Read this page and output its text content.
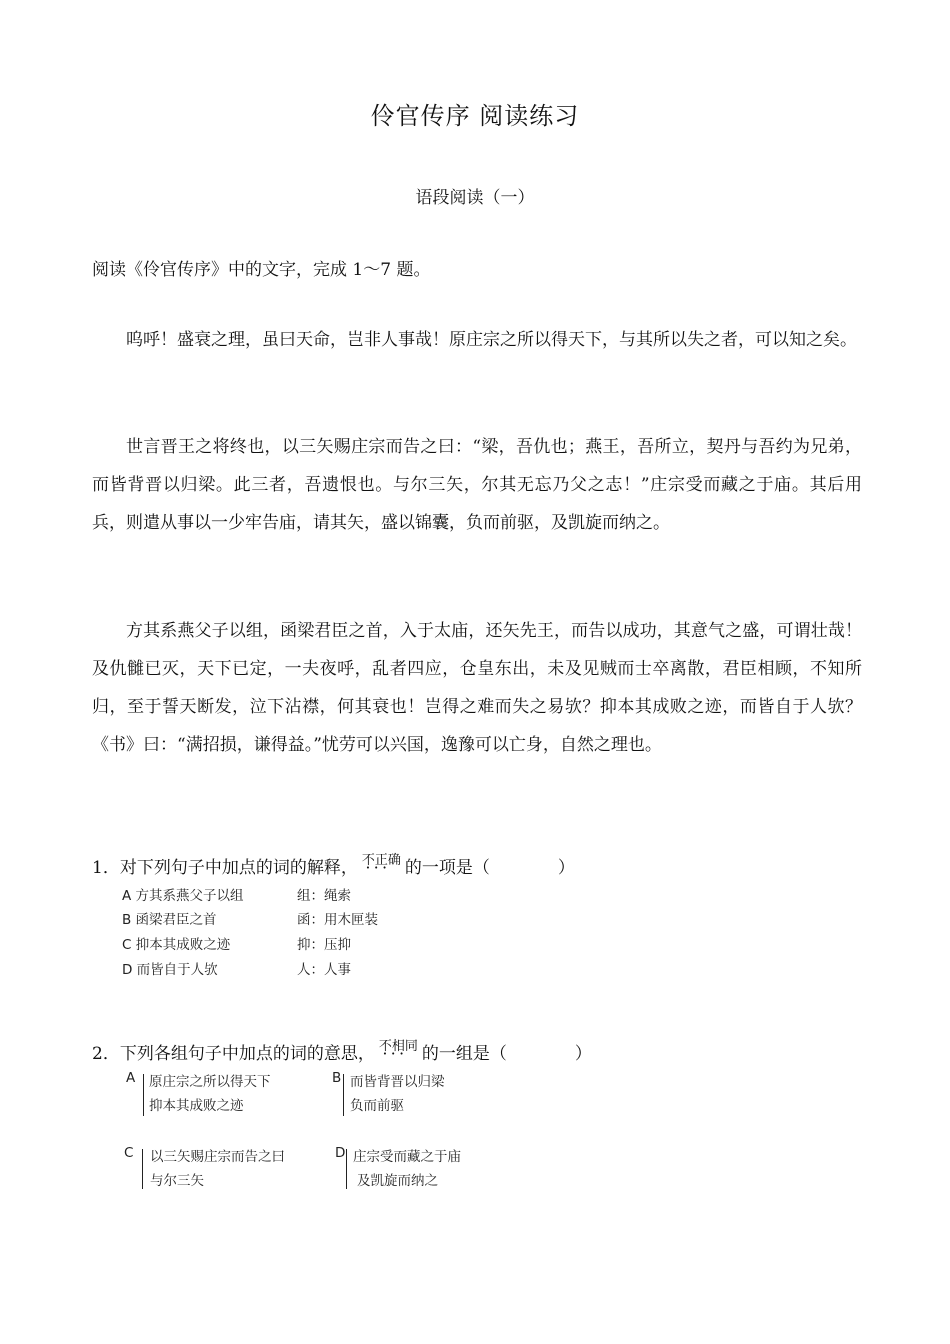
伶官传序 阅读练习
语段阅读（一）
阅读《伶官传序》中的文字，完成 1～7 题。
呜呼！盛衰之理，虽曰天命，岂非人事哉！原庄宗之所以得天下，与其所以失之者，可以知之矣。
世言晋王之将终也，以三矢赐庄宗而告之曰：“梁，吾仇也；燕王，吾所立，契丹与吾约为兄弟，而皆背晋以归梁。此三者，吾遗恨也。与尔三矢，尔其无忘乃父之志！”庄宗受而藏之于庙。其后用兵，则遣从事以一少牢告庙，请其矢，盛以锦囊，负而前驱，及凯旋而纳之。
方其系燕父子以组，函梁君臣之首，入于太庙，还矢先王，而告以成功，其意气之盛，可谓壮哉！及仇雠已灭，天下已定，一夫夜呼，乱者四应，仓皇东出，未及见贼而士卒离散，君臣相顾，不知所归，至于誓天断发，泣下沾襟，何其衰也！岂得之难而失之易欤？抑本其成败之迹，而皆自于人欤？《书》曰：“满招损，谦得益。”忧劳可以兴国，逸豫可以亡身，自然之理也。
1．对下列句子中加点的词的解释， 不正确 • • • 的一项是（　　　　）
A 方其系燕父子以组	组：绳索
B 函梁君臣之首	函：用木匣装
C 抑本其成败之迹	抑：压抑
D 而皆自于人欤	人：人事
2．下列各组句子中加点的词的意思， 不相同 • • • 的一组是（　　　　）
A 原庄宗之所以得天下
抑本其成败之迹
B 而皆背晋以归梁
负而前驱
C 以三矢赐庄宗而告之曰
与尔三矢
D 庄宗受而藏之于庙
及凯旋而纳之
